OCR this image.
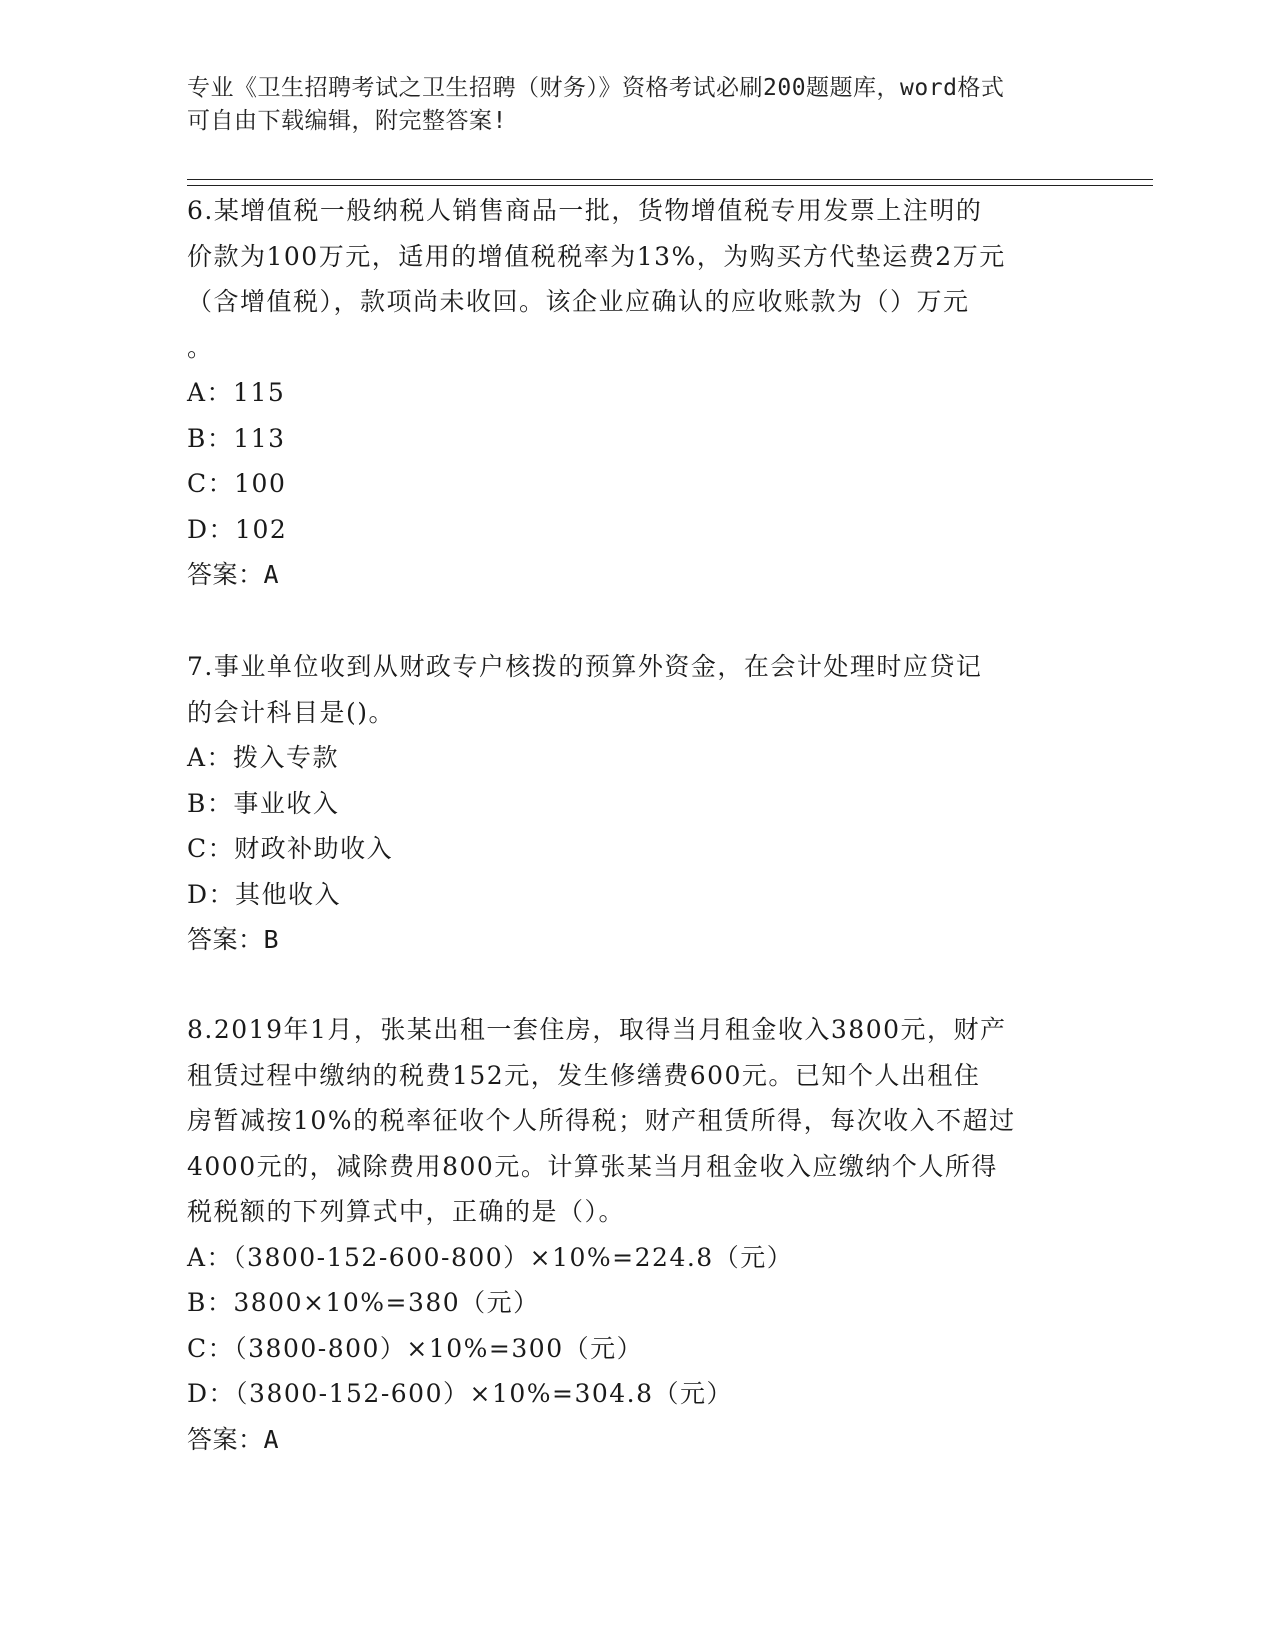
专业《卫生招聘考试之卫生招聘（财务）》资格考试必刷200题题库，word格式
可自由下载编辑，附完整答案!
6.某增值税一般纳税人销售商品一批，货物增值税专用发票上注明的
价款为100万元，适用的增值税税率为13%，为购买方代垫运费2万元
（含增值税），款项尚未收回。该企业应确认的应收账款为（）万元
。
A：115
B：113
C：100
D：102
答案：A
7.事业单位收到从财政专户核拨的预算外资金，在会计处理时应贷记
的会计科目是()。
A：拨入专款
B：事业收入
C：财政补助收入
D：其他收入
答案：B
8.2019年1月，张某出租一套住房，取得当月租金收入3800元，财产
租赁过程中缴纳的税费152元，发生修缮费600元。已知个人出租住
房暂减按10%的税率征收个人所得税；财产租赁所得，每次收入不超过
4000元的，减除费用800元。计算张某当月租金收入应缴纳个人所得
税税额的下列算式中，正确的是（）。
A：（3800-152-600-800）×10%=224.8（元）
B：3800×10%=380（元）
C：（3800-800）×10%=300（元）
D：（3800-152-600）×10%=304.8（元）
答案：A
